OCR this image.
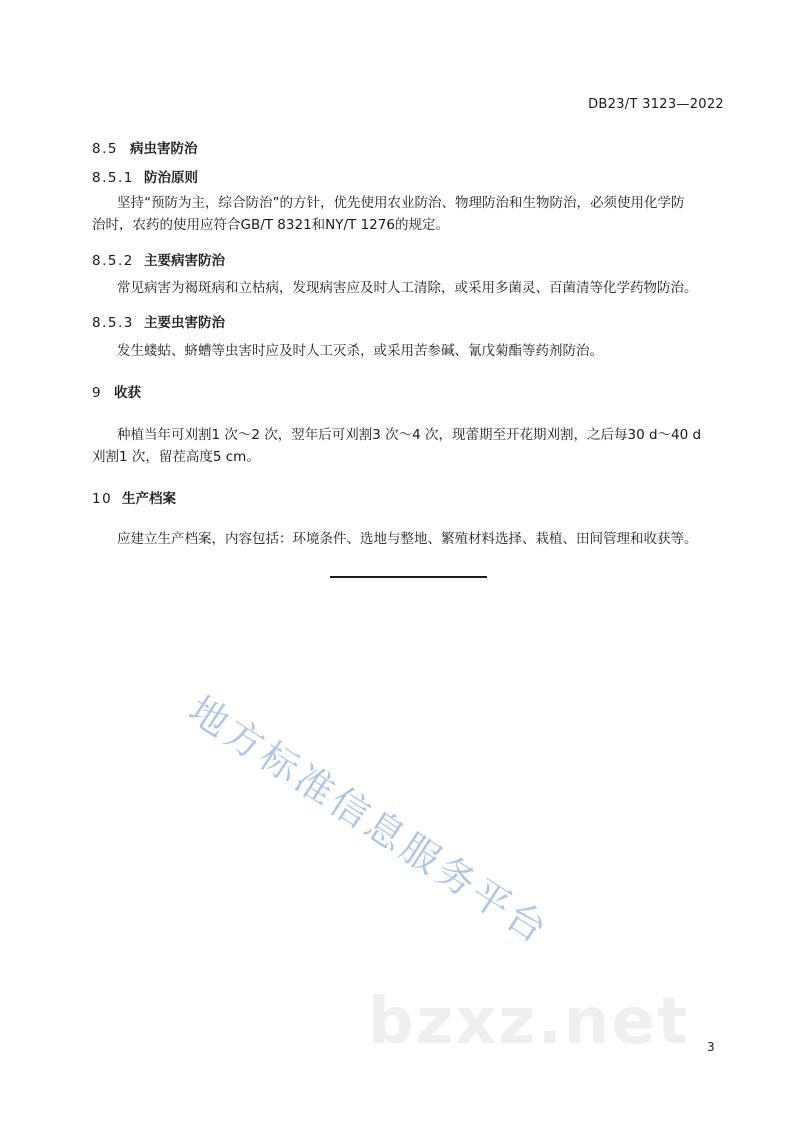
DB23/T 3123—2022
8.5 病虫害防治
8.5.1 防治原则
坚持“预防为主，综合防治”的方针，优先使用农业防治、物理防治和生物防治，必须使用化学防
治时，农药的使用应符合GB/T 8321和NY/T 1276的规定。
8.5.2 主要病害防治
常见病害为褐斑病和立枯病，发现病害应及时人工清除，或采用多菌灵、百菌清等化学药物防治。
8.5.3 主要虫害防治
发生蝼蛄、蛴螬等虫害时应及时人工灭杀，或采用苦参碱、氰戊菊酯等药剂防治。
9 收获
种植当年可刈割1 次～2 次，翌年后可刈割3 次～4 次，现蕾期至开花期刈割，之后每30 d～40 d
刈割1 次，留茬高度5 cm。
10 生产档案
应建立生产档案，内容包括：环境条件、选地与整地、繁殖材料选择、栽植、田间管理和收获等。
地方标准信息服务平台
bzxz.net 3
